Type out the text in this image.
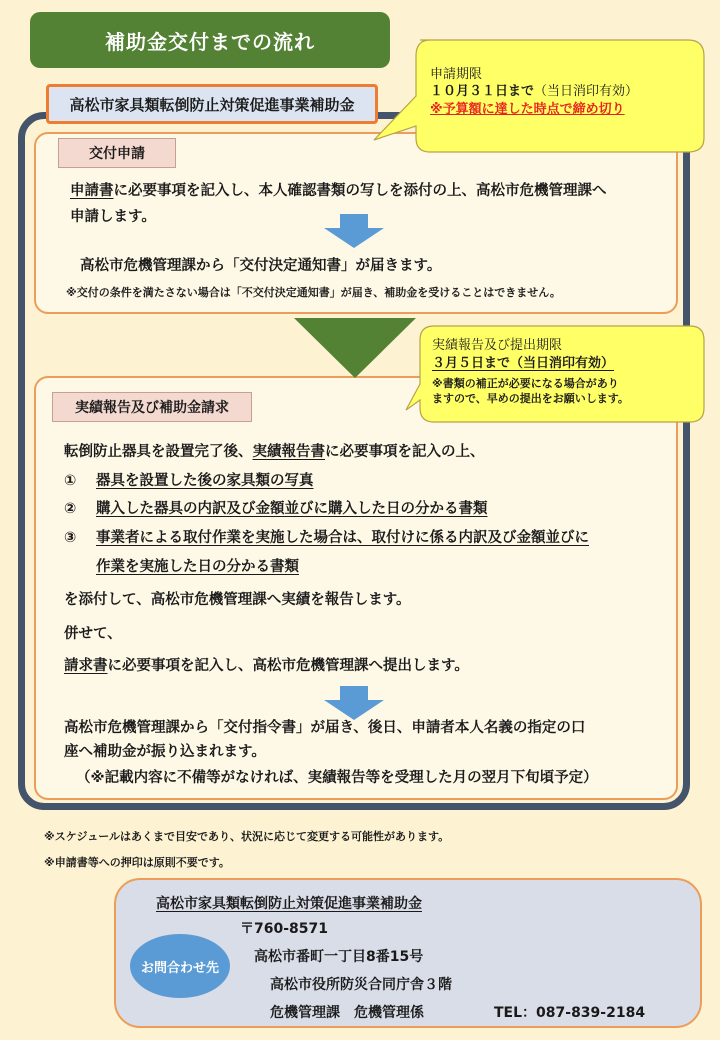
補助金交付までの流れ
高松市家具類転倒防止対策促進事業補助金
申請期限
１０月３１日まで（当日消印有効）
※予算額に達した時点で締め切り
交付申請
申請書に必要事項を記入し、本人確認書類の写しを添付の上、高松市危機管理課へ
申請します。
高松市危機管理課から「交付決定通知書」が届きます。
※交付の条件を満たさない場合は「不交付決定通知書」が届き、補助金を受けることはできません。
実績報告及び提出期限
３月５日まで（当日消印有効）
※書類の補正が必要になる場合があり
ますので、早めの提出をお願いします。
実績報告及び補助金請求
転倒防止器具を設置完了後、実績報告書に必要事項を記入の上、
① 器具を設置した後の家具類の写真
② 購入した器具の内訳及び金額並びに購入した日の分かる書類
③ 事業者による取付作業を実施した場合は、取付けに係る内訳及び金額並びに
作業を実施した日の分かる書類
を添付して、高松市危機管理課へ実績を報告します。
併せて、
請求書に必要事項を記入し、高松市危機管理課へ提出します。
高松市危機管理課から「交付指令書」が届き、後日、申請者本人名義の指定の口
座へ補助金が振り込まれます。
（※記載内容に不備等がなければ、実績報告等を受理した月の翌月下旬頃予定）
※スケジュールはあくまで目安であり、状況に応じて変更する可能性があります。
※申請書等への押印は原則不要です。
お問合わせ先
高松市家具類転倒防止対策促進事業補助金
〒760-8571
高松市番町一丁目8番15号
高松市役所防災合同庁舎３階
危機管理課　危機管理係	TEL：087-839-2184
